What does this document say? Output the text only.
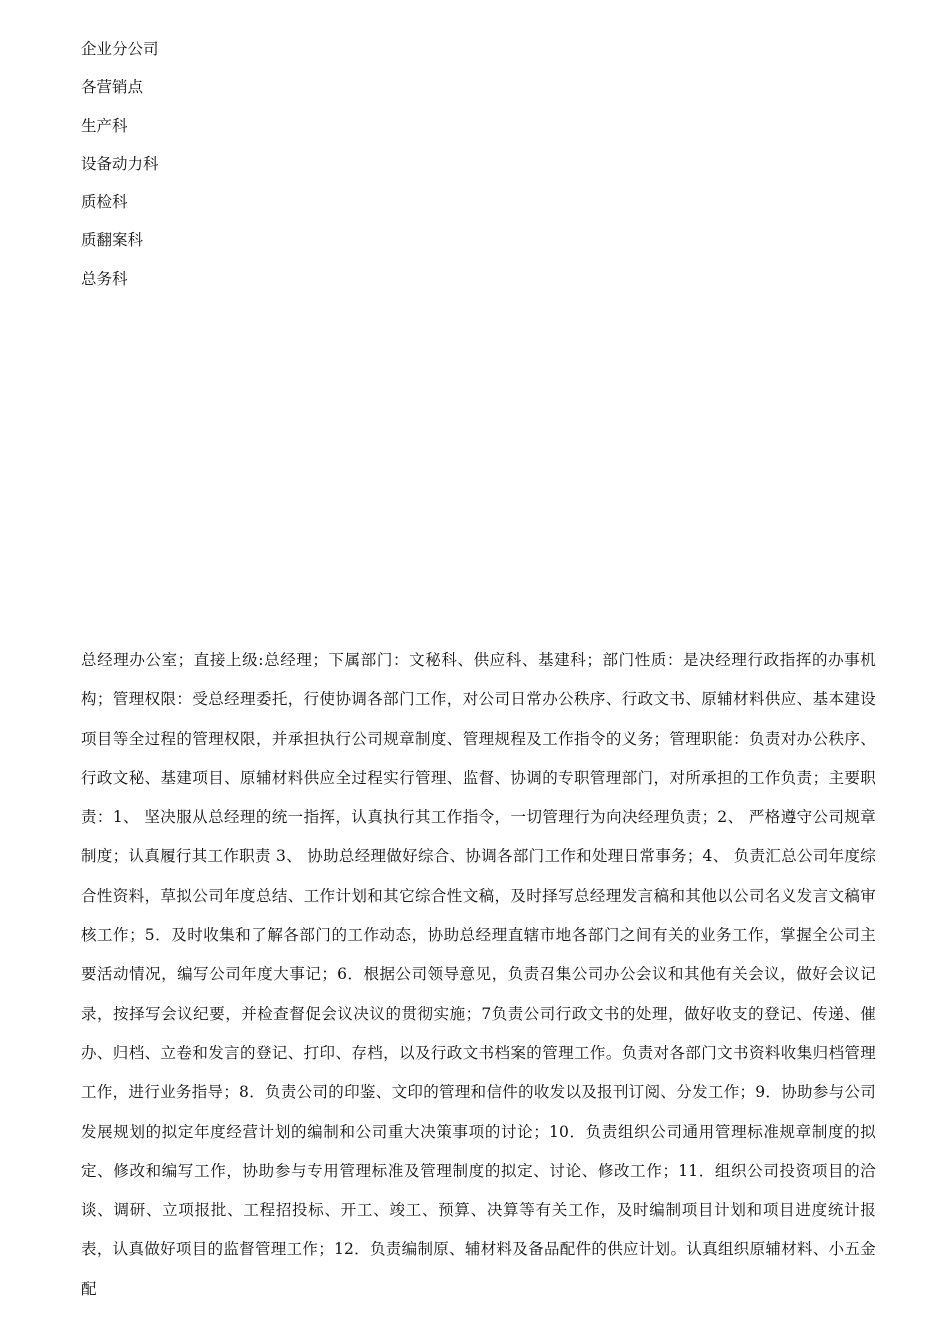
企业分公司
各营销点
生产科
设备动力科
质检科
质翻案科
总务科

总经理办公室；直接上级:总经理；下属部门：文秘科、供应科、基建科；部门性质：是决经理行政指挥的办事机构；管理权限：受总经理委托，行使协调各部门工作，对公司日常办公秩序、行政文书、原辅材料供应、基本建设项目等全过程的管理权限，并承担执行公司规章制度、管理规程及工作指令的义务；管理职能：负责对办公秩序、行政文秘、基建项目、原辅材料供应全过程实行管理、监督、协调的专职管理部门，对所承担的工作负责；主要职责：1、 坚决服从总经理的统一指挥，认真执行其工作指令，一切管理行为向决经理负责；2、 严格遵守公司规章制度；认真履行其工作职责 3、 协助总经理做好综合、协调各部门工作和处理日常事务；4、 负责汇总公司年度综合性资料，草拟公司年度总结、工作计划和其它综合性文稿，及时择写总经理发言稿和其他以公司名义发言文稿审核工作；5．及时收集和了解各部门的工作动态，协助总经理直辖市地各部门之间有关的业务工作，掌握全公司主要活动情况，编写公司年度大事记；6．根据公司领导意见，负责召集公司办公会议和其他有关会议，做好会议记录，按择写会议纪要，并检查督促会议决议的贯彻实施；7负责公司行政文书的处理，做好收支的登记、传递、催办、归档、立卷和发言的登记、打印、存档，以及行政文书档案的管理工作。负责对各部门文书资料收集归档管理工作，进行业务指导；8．负责公司的印鉴、文印的管理和信件的收发以及报刊订阅、分发工作；9．协助参与公司发展规划的拟定年度经营计划的编制和公司重大决策事项的讨论；10．负责组织公司通用管理标准规章制度的拟定、修改和编写工作，协助参与专用管理标准及管理制度的拟定、讨论、修改工作；11．组织公司投资项目的洽谈、调研、立项报批、工程招投标、开工、竣工、预算、决算等有关工作，及时编制项目计划和项目进度统计报表，认真做好项目的监督管理工作；12．负责编制原、辅材料及备品配件的供应计划。认真组织原辅材料、小五金配
